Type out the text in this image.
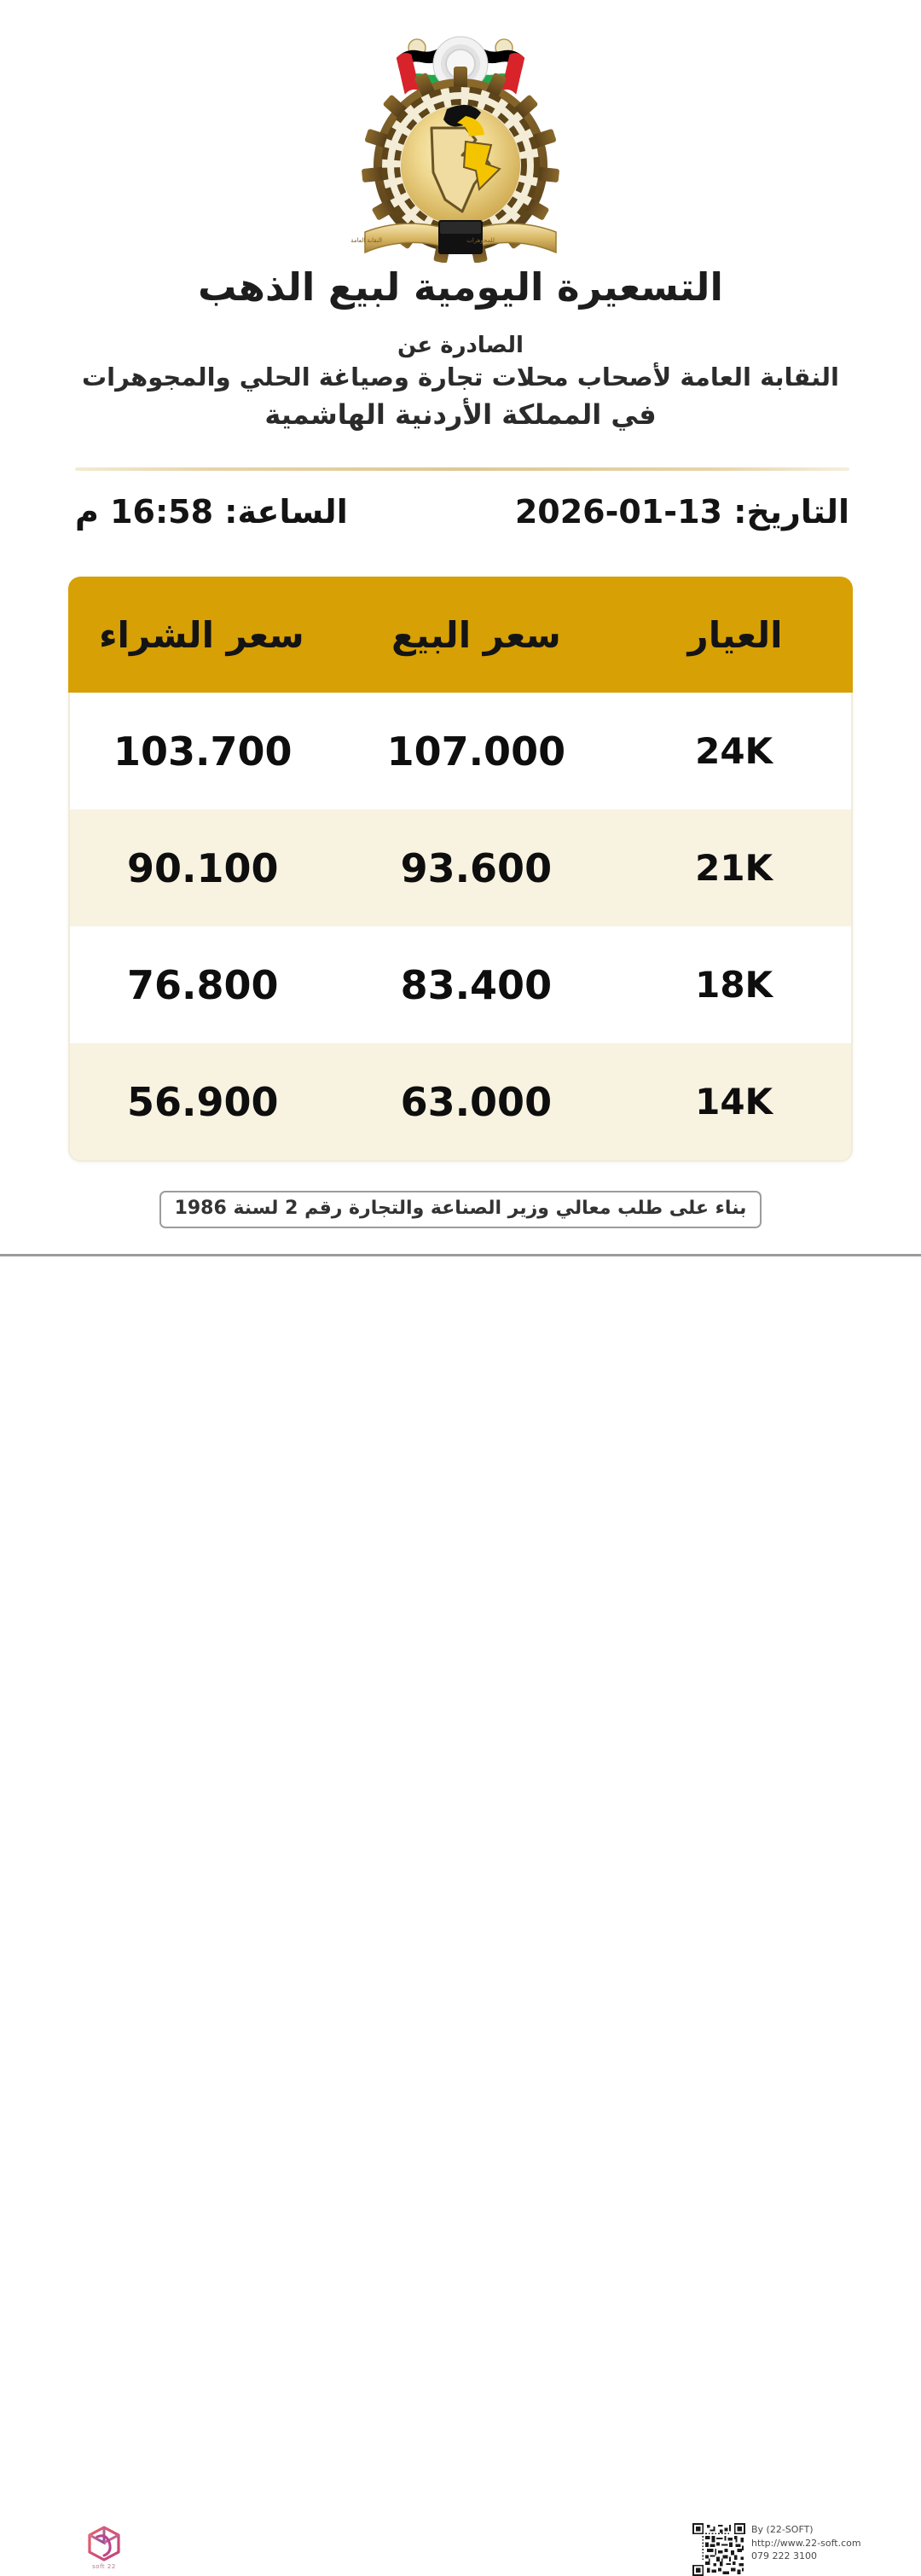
النقابة العامة	للمجوهرات
التسعيرة اليومية لبيع الذهب
الصادرة عن
النقابة العامة لأصحاب محلات تجارة وصياغة الحلي والمجوهرات
في المملكة الأردنية الهاشمية
التاريخ: 13-01-2026
الساعة: 16:58 م
العيار
سعر البيع
سعر الشراء
24K
107.000
103.700
21K
93.600
90.100
18K
83.400
76.800
14K
63.000
56.900
بناء على طلب معالي وزير الصناعة والتجارة رقم 2 لسنة 1986
22 soft
By (22-SOFT)
http://www.22-soft.com
079 222 3100
